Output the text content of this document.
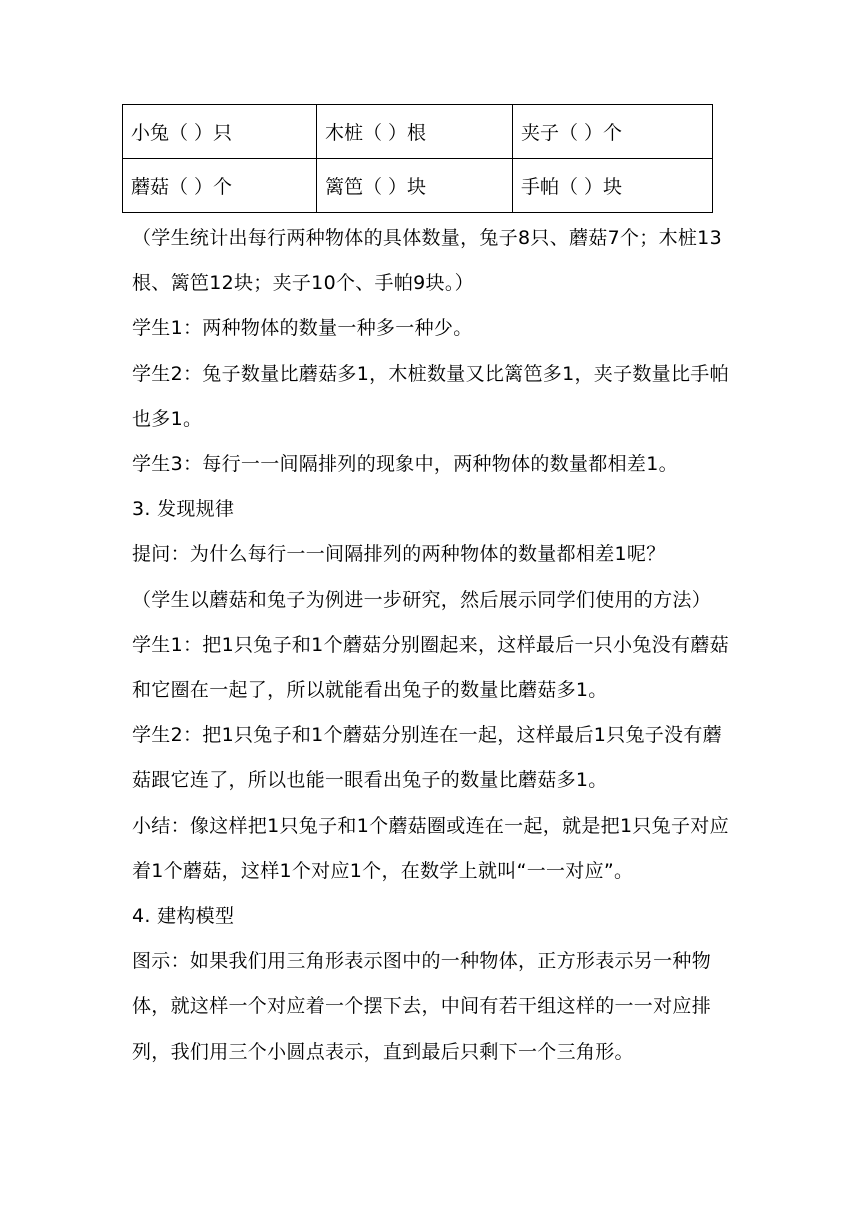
小兔（ ）只	木桩（ ）根	夹子（ ）个
蘑菇（ ）个	篱笆（ ）块	手帕（ ）块

（学生统计出每行两种物体的具体数量，兔子8只、蘑菇7个；木桩13根、篱笆12块；夹子10个、手帕9块。）

学生1：两种物体的数量一种多一种少。

学生2：兔子数量比蘑菇多1，木桩数量又比篱笆多1，夹子数量比手帕也多1。

学生3：每行一一间隔排列的现象中，两种物体的数量都相差1。

3. 发现规律

提问：为什么每行一一间隔排列的两种物体的数量都相差1呢？

（学生以蘑菇和兔子为例进一步研究，然后展示同学们使用的方法）

学生1：把1只兔子和1个蘑菇分别圈起来，这样最后一只小兔没有蘑菇和它圈在一起了，所以就能看出兔子的数量比蘑菇多1。

学生2：把1只兔子和1个蘑菇分别连在一起，这样最后1只兔子没有蘑菇跟它连了，所以也能一眼看出兔子的数量比蘑菇多1。

小结：像这样把1只兔子和1个蘑菇圈或连在一起，就是把1只兔子对应着1个蘑菇，这样1个对应1个，在数学上就叫“一一对应”。

4. 建构模型

图示：如果我们用三角形表示图中的一种物体，正方形表示另一种物体，就这样一个对应着一个摆下去，中间有若干组这样的一一对应排列，我们用三个小圆点表示，直到最后只剩下一个三角形。
